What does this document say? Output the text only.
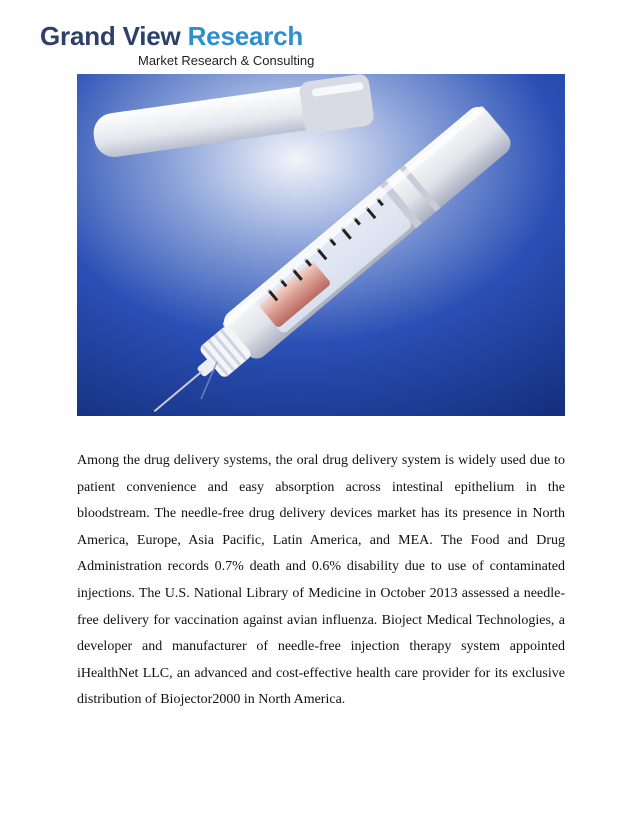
Grand View Research
Market Research & Consulting

Among the drug delivery systems, the oral drug delivery system is widely used due to patient convenience and easy absorption across intestinal epithelium in the bloodstream. The needle-free drug delivery devices market has its presence in North America, Europe, Asia Pacific, Latin America, and MEA. The Food and Drug Administration records 0.7% death and 0.6% disability due to use of contaminated injections. The U.S. National Library of Medicine in October 2013 assessed a needle-free delivery for vaccination against avian influenza. Bioject Medical Technologies, a developer and manufacturer of needle-free injection therapy system appointed iHealthNet LLC, an advanced and cost-effective health care provider for its exclusive distribution of Biojector2000 in North America.
